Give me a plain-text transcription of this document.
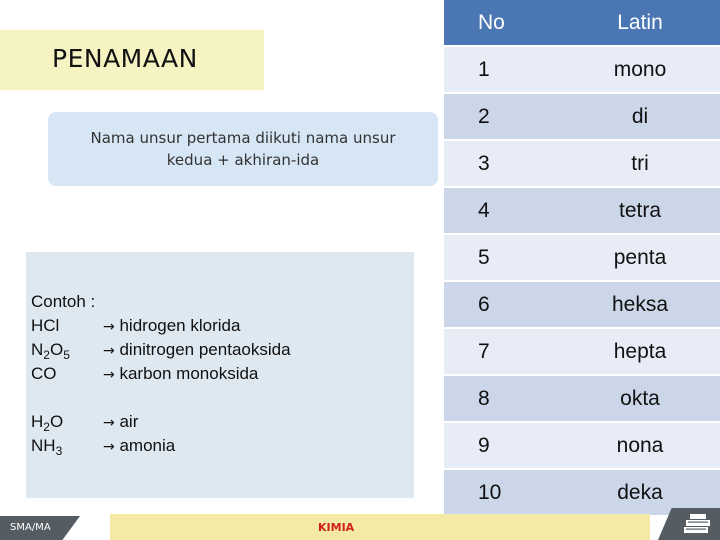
PENAMAAN
Nama unsur pertama diikuti nama unsur
kedua + akhiran-ida
Contoh :
HCl	→ hidrogen klorida
$N_2O_5$ → dinitrogen pentaoksida
CO	→ karbon monoksida
$H_2O$	→ air
$NH_3$	→ amonia
No	Latin
1	mono
2	di
3	tri
4	tetra
5	penta
6	heksa
7	hepta
8	okta
9	nona
10	deka
SMA/MA	KIMIA
